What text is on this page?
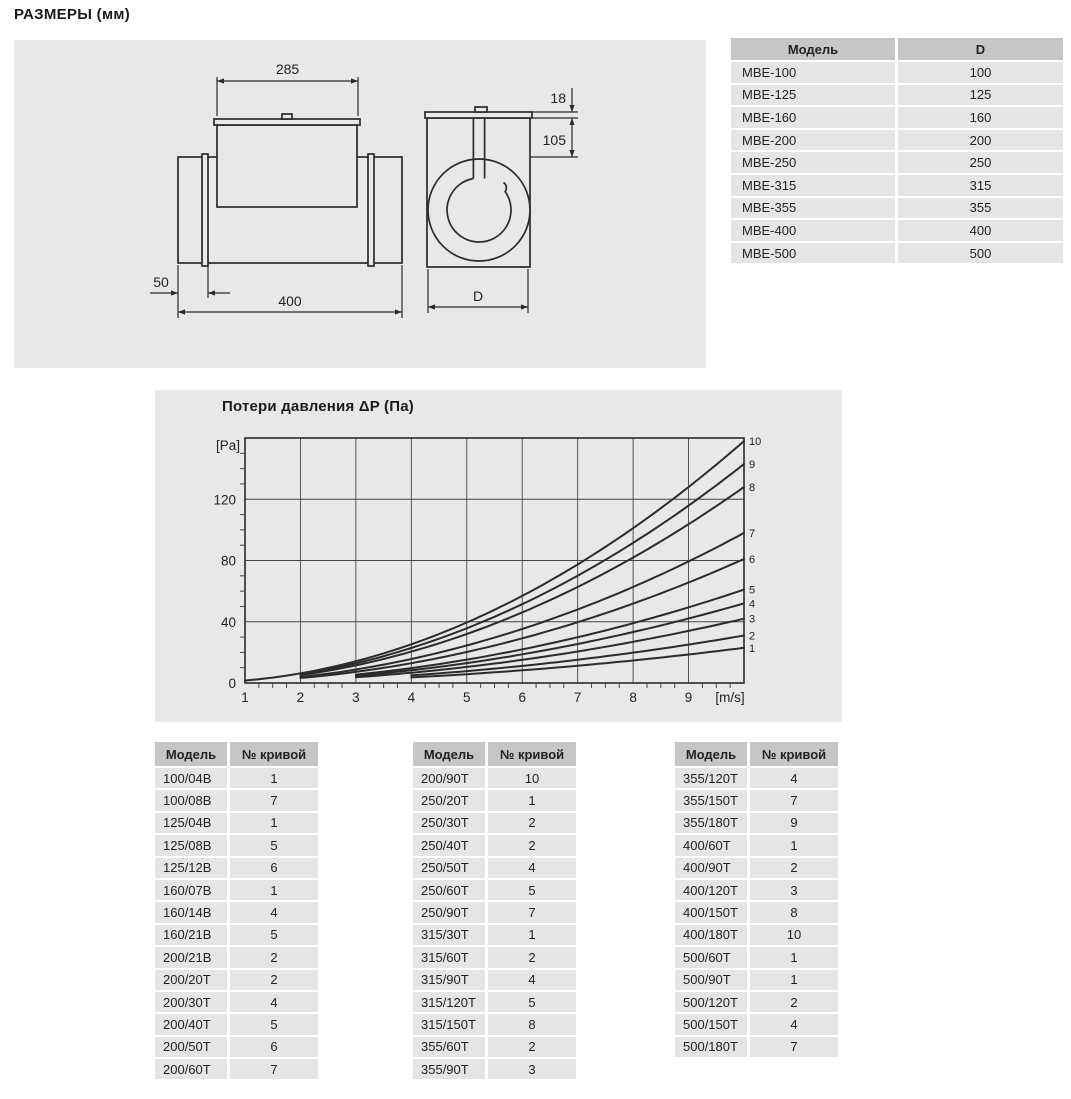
РАЗМЕРЫ (мм)
285
50
400
18
105
D
Модель	D
МВЕ-100	100
МВЕ-125	125
МВЕ-160	160
МВЕ-200	200
МВЕ-250	250
МВЕ-315	315
МВЕ-355	355
МВЕ-400	400
МВЕ-500	500
Потери давления ΔP (Па)
1
2
3
4
5
6
7
8
9
10
1	2	3	4	5	6	7	8	9
0
40
80
120
[m/s]
[Pa]
Модель	№ кривой
100/04В	1
100/08В	7
125/04В	1
125/08В	5
125/12В	6
160/07В	1
160/14В	4
160/21В	5
200/21В	2
200/20Т	2
200/30Т	4
200/40Т	5
200/50Т	6
200/60Т	7
Модель	№ кривой
200/90Т	10
250/20Т	1
250/30Т	2
250/40Т	2
250/50Т	4
250/60Т	5
250/90Т	7
315/30Т	1
315/60Т	2
315/90Т	4
315/120Т	5
315/150Т	8
355/60Т	2
355/90Т	3
Модель	№ кривой
355/120Т	4
355/150Т	7
355/180Т	9
400/60Т	1
400/90Т	2
400/120Т	3
400/150Т	8
400/180Т	10
500/60Т	1
500/90Т	1
500/120Т	2
500/150Т	4
500/180Т	7
